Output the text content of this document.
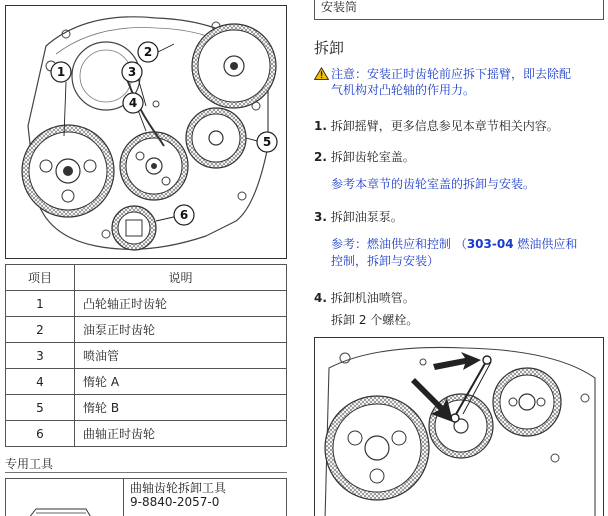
1
2
3
4
5
6
项目	说明
1	凸轮轴正时齿轮
2	油泵正时齿轮
3	喷油管
4	惰轮 A
5	惰轮 B
6	曲轴正时齿轮
专用工具
曲轴齿轮拆卸工具
9-8840-2057-0
安装筒
拆卸
注意：安装正时齿轮前应拆下摇臂，即去除配
气机构对凸轮轴的作用力。
1. 拆卸摇臂，更多信息参见本章节相关内容。
2. 拆卸齿轮室盖。
参考本章节的齿轮室盖的拆卸与安装。
3. 拆卸油泵泵。
参考：燃油供应和控制 （303-04 燃油供应和
控制，拆卸与安装）
4. 拆卸机油喷管。
拆卸 2 个螺栓。
